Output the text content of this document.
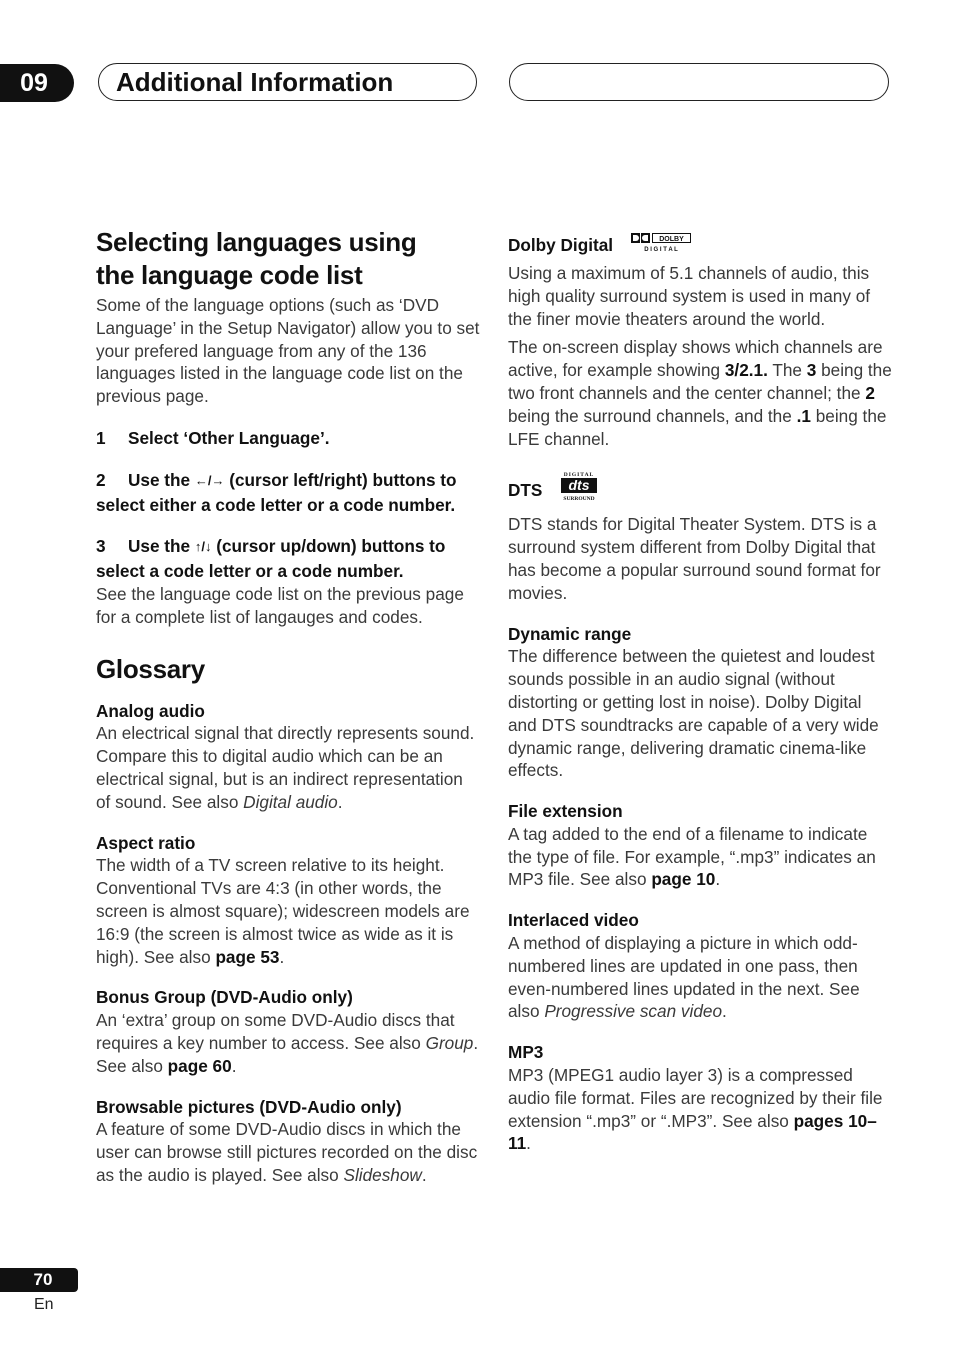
09	Additional Information
Selecting languages using
the language code list

Some of the language options (such as ‘DVD Language’ in the Setup Navigator) allow you to set your prefered language from any of the 136 languages listed in the language code list on the previous page.

1 Select ‘Other Language’.
2 Use the ←/→ (cursor left/right) buttons to select either a code letter or a code number.
3 Use the ↑/↓ (cursor up/down) buttons to select a code letter or a code number.

See the language code list on the previous page for a complete list of langauges and codes.

Glossary

Analog audio

An electrical signal that directly represents sound. Compare this to digital audio which can be an electrical signal, but is an indirect representation of sound. See also Digital audio.

Aspect ratio

The width of a TV screen relative to its height. Conventional TVs are 4:3 (in other words, the screen is almost square); widescreen models are 16:9 (the screen is almost twice as wide as it is high). See also page 53.

Bonus Group (DVD-Audio only)

An ‘extra’ group on some DVD-Audio discs that requires a key number to access. See also Group. See also page 60.

Browsable pictures (DVD-Audio only)

A feature of some DVD-Audio discs in which the user can browse still pictures recorded on the disc as the audio is played. See also Slideshow.

Dolby Digital	DOLBY
D I G I T A L

Using a maximum of 5.1 channels of audio, this high quality surround system is used in many of the finer movie theaters around the world.

The on-screen display shows which channels are active, for example showing 3/2.1. The 3 being the two front channels and the center channel; the 2 being the surround channels, and the .1 being the LFE channel.

DTS
DIGITAL
dts
SURROUND

DTS stands for Digital Theater System. DTS is a surround system different from Dolby Digital that has become a popular surround sound format for movies.

Dynamic range

The difference between the quietest and loudest sounds possible in an audio signal (without distorting or getting lost in noise). Dolby Digital and DTS soundtracks are capable of a very wide dynamic range, delivering dramatic cinema-like effects.

File extension

A tag added to the end of a filename to indicate the type of file. For example, “.mp3” indicates an MP3 file. See also page 10.

Interlaced video

A method of displaying a picture in which odd-numbered lines are updated in one pass, then even-numbered lines updated in the next. See also Progressive scan video.

MP3

MP3 (MPEG1 audio layer 3) is a compressed audio file format. Files are recognized by their file extension “.mp3” or “.MP3”. See also pages 10–11.

70
En
